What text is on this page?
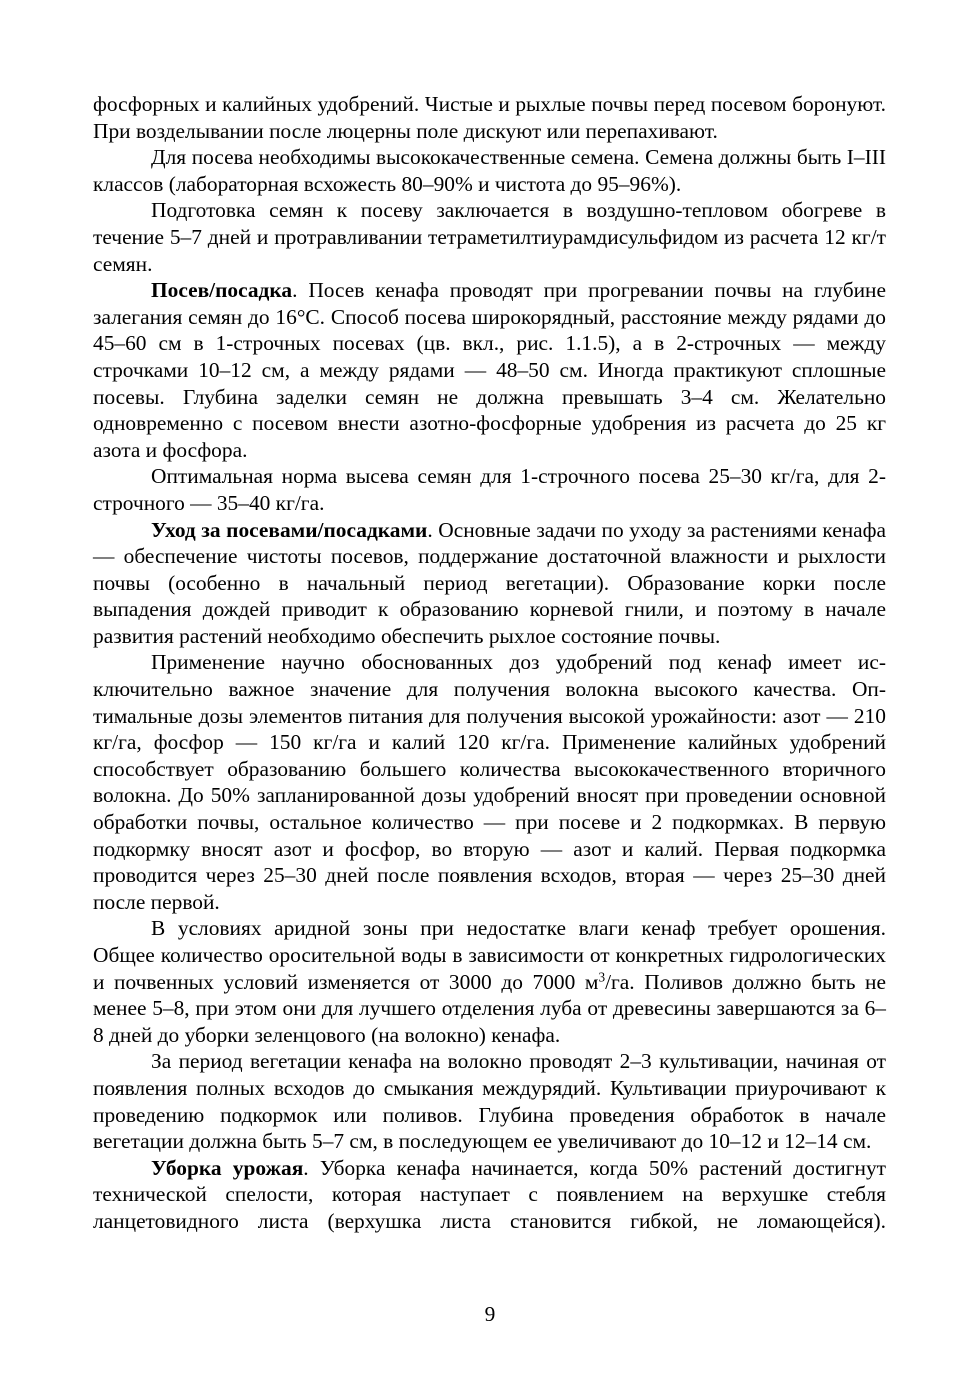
фосфорных и калийных удобрений. Чистые и рыхлые почвы перед посевом боронуют. При возделывании после люцерны поле дискуют или перепахивают.

Для посева необходимы высококачественные семена. Семена должны быть I–III классов (лабораторная всхожесть 80–90% и чистота до 95–96%).

Подготовка семян к посеву заключается в воздушно-тепловом обогреве в течение 5–7 дней и протравливании тетраметилтиурамдисульфидом из расчета 12 кг/т семян.

Посев/посадка. Посев кенафа проводят при прогревании почвы на глубине залегания семян до 16°С. Способ посева широкорядный, расстояние между рядами до 45–60 см в 1-строчных посевах (цв. вкл., рис. 1.1.5), а в 2-строчных — между строчками 10–12 см, а между рядами — 48–50 см. Иногда практикуют сплошные посевы. Глубина заделки семян не должна превышать 3–4 см. Желательно одновременно с посевом внести азотно-фосфорные удобрения из расчета до 25 кг азота и фосфора.

Оптимальная норма высева семян для 1-строчного посева 25–30 кг/га, для 2-строчного — 35–40 кг/га.

Уход за посевами/посадками. Основные задачи по уходу за растениями кенафа — обеспечение чистоты посевов, поддержание достаточной влажности и рыхлости почвы (особенно в начальный период вегетации). Образование корки после выпадения дождей приводит к образованию корневой гнили, и поэтому в начале развития растений необходимо обеспечить рыхлое состояние почвы.

Применение научно обоснованных доз удобрений под кенаф имеет исключительно важное значение для получения волокна высокого качества. Оптимальные дозы элементов питания для получения высокой урожайности: азот — 210 кг/га, фосфор — 150 кг/га и калий 120 кг/га. Применение калийных удобрений способствует образованию большего количества высококачественного вторичного волокна. До 50% запланированной дозы удобрений вносят при проведении основной обработки почвы, остальное количество — при посеве и 2 подкормках. В первую подкормку вносят азот и фосфор, во вторую — азот и калий. Первая подкормка проводится через 25–30 дней после появления всходов, вторая — через 25–30 дней после первой.

В условиях аридной зоны при недостатке влаги кенаф требует орошения. Общее количество оросительной воды в зависимости от конкретных гидрологических и почвенных условий изменяется от 3000 до 7000 $м^3/га$. Поливов должно быть не менее 5–8, при этом они для лучшего отделения луба от древесины завершаются за 6–8 дней до уборки зеленцового (на волокно) кенафа.

За период вегетации кенафа на волокно проводят 2–3 культивации, начиная от появления полных всходов до смыкания междурядий. Культивации приурочивают к проведению подкормок или поливов. Глубина проведения обработок в начале вегетации должна быть 5–7 см, в последующем ее увеличивают до 10–12 и 12–14 см.

Уборка урожая. Уборка кенафа начинается, когда 50% растений достигнут технической спелости, которая наступает с появлением на верхушке стебля ланцетовидного листа (верхушка листа становится гибкой, не ломающейся).

9
